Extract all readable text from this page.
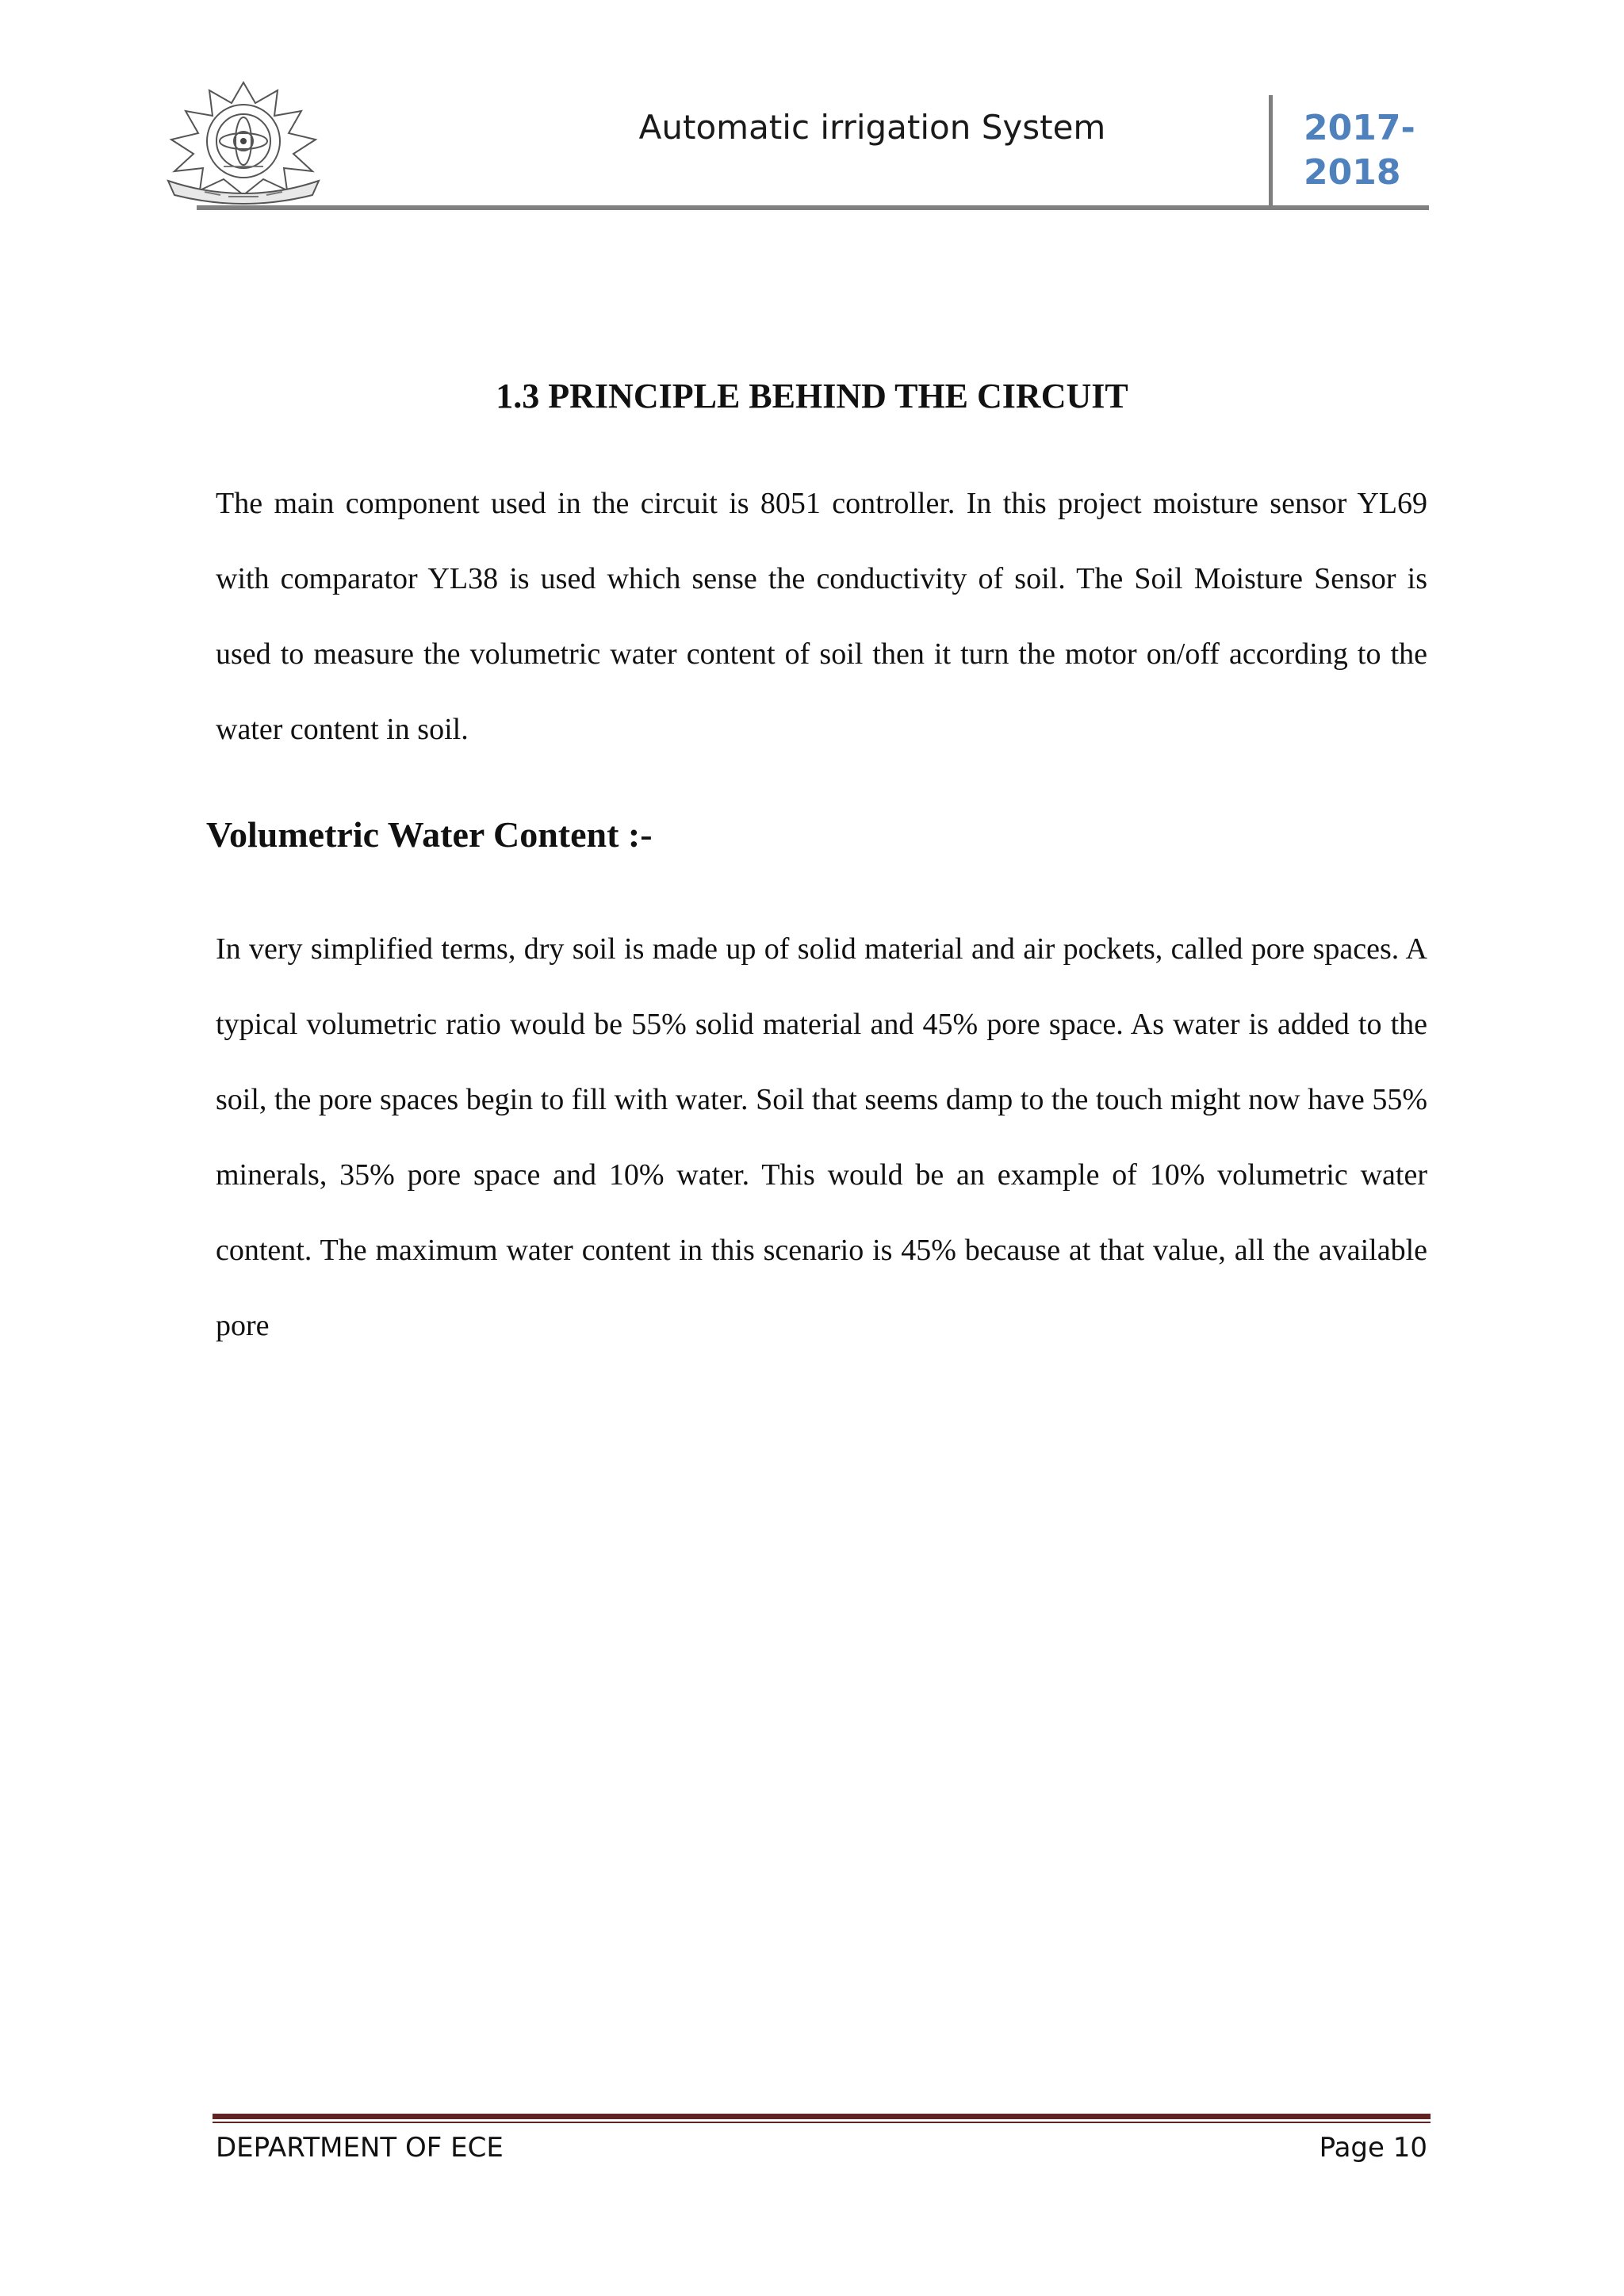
Automatic irrigation System	2017-
2018
1.3 PRINCIPLE BEHIND THE CIRCUIT

The main component used in the circuit is 8051 controller. In this project moisture sensor YL69 with comparator YL38 is used which sense the conductivity of soil. The Soil Moisture Sensor is used to measure the volumetric water content of soil then it turn the motor on/off according to the water content in soil.

Volumetric Water Content :-

In very simplified terms, dry soil is made up of solid material and air pockets, called pore spaces. A typical volumetric ratio would be 55% solid material and 45% pore space. As water is added to the soil, the pore spaces begin to fill with water. Soil that seems damp to the touch might now have 55% minerals, 35% pore space and 10% water. This would be an example of 10% volumetric water content. The maximum water content in this scenario is 45% because at that value, all the available pore

DEPARTMENT OF ECE	Page 10
